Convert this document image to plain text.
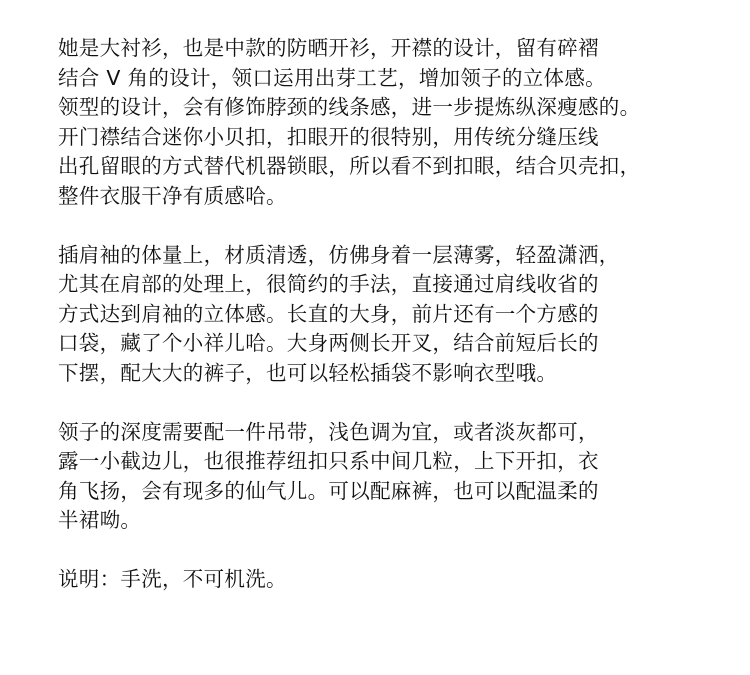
她是大衬衫，也是中款的防晒开衫，开襟的设计，留有碎褶
结合 V 角的设计，领口运用出芽工艺，增加领子的立体感。
领型的设计，会有修饰脖颈的线条感，进一步提炼纵深瘦感的。
开门襟结合迷你小贝扣，扣眼开的很特别，用传统分缝压线
出孔留眼的方式替代机器锁眼，所以看不到扣眼，结合贝壳扣，
整件衣服干净有质感哈。
插肩袖的体量上，材质清透，仿佛身着一层薄雾，轻盈潇洒，
尤其在肩部的处理上，很简约的手法，直接通过肩线收省的
方式达到肩袖的立体感。长直的大身，前片还有一个方感的
口袋，藏了个小祥儿哈。大身两侧长开叉，结合前短后长的
下摆，配大大的裤子，也可以轻松插袋不影响衣型哦。
领子的深度需要配一件吊带，浅色调为宜，或者淡灰都可，
露一小截边儿，也很推荐纽扣只系中间几粒，上下开扣，衣
角飞扬，会有现多的仙气儿。可以配麻裤，也可以配温柔的
半裙呦。
说明：手洗，不可机洗。
